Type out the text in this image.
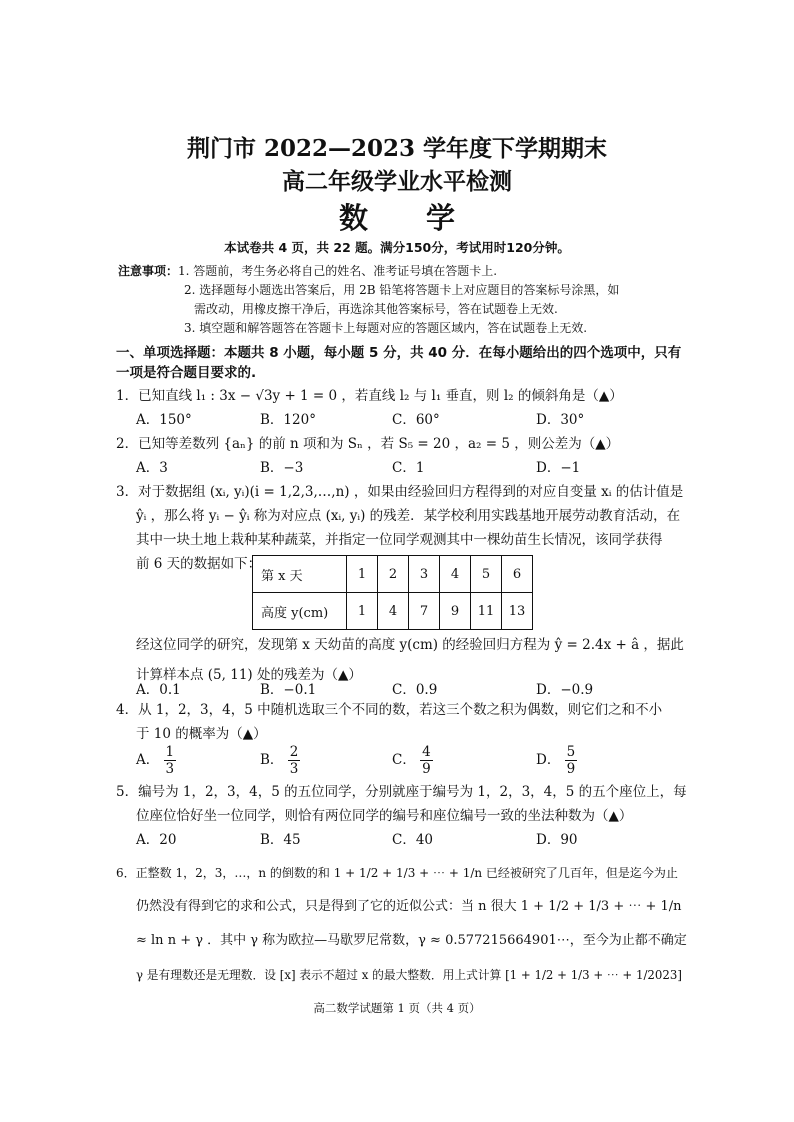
荆门市 2022—2023 学年度下学期期末
高二年级学业水平检测
数 学
本试卷共 4 页，共 22 题。满分150分，考试用时120分钟。
注意事项：1. 答题前，考生务必将自己的姓名、准考证号填在答题卡上.
2. 选择题每小题选出答案后，用 2B 铅笔将答题卡上对应题目的答案标号涂黑，如
需改动，用橡皮擦干净后，再选涂其他答案标号，答在试题卷上无效.
3. 填空题和解答题答在答题卡上每题对应的答题区域内，答在试题卷上无效.
一、单项选择题：本题共 8 小题，每小题 5 分，共 40 分．在每小题给出的四个选项中，只有
一项是符合题目要求的.
1．已知直线 l₁ : 3x − √3y + 1 = 0 ，若直线 l₂ 与 l₁ 垂直，则 l₂ 的倾斜角是（▲）
A．150°	B．120°	C．60°	D．30°
2．已知等差数列 {aₙ} 的前 n 项和为 Sₙ ，若 S₅ = 20 ，a₂ = 5 ，则公差为（▲）
A．3	B．−3	C．1	D．−1
3．对于数据组 (xᵢ, yᵢ)(i = 1,2,3,…,n) ，如果由经验回归方程得到的对应自变量 xᵢ 的估计值是
ŷᵢ ，那么将 yᵢ − ŷᵢ 称为对应点 (xᵢ, yᵢ) 的残差．某学校利用实践基地开展劳动教育活动，在
其中一块土地上栽种某种蔬菜，并指定一位同学观测其中一棵幼苗生长情况，该同学获得
前 6 天的数据如下：
第 x 天	1	2	3	4	5	6
高度 y(cm)	1	4	7	9	11	13
经这位同学的研究，发现第 x 天幼苗的高度 y(cm) 的经验回归方程为 ŷ = 2.4x + â ，据此
计算样本点 (5, 11) 处的残差为（▲）
A．0.1	B．−0.1	C．0.9	D．−0.9
4．从 1，2，3，4，5 中随机选取三个不同的数，若这三个数之积为偶数，则它们之和不小
于 10 的概率为（▲）
A． $\frac{1}{3}$	B． $\frac{2}{3}$	C． $\frac{4}{9}$	D． $\frac{5}{9}$
5．编号为 1，2，3，4，5 的五位同学，分别就座于编号为 1，2，3，4，5 的五个座位上，每
位座位恰好坐一位同学，则恰有两位同学的编号和座位编号一致的坐法种数为（▲）
A．20	B．45	C．40	D．90
6．正整数 1，2，3，…，n 的倒数的和 1 + 1/2 + 1/3 + ⋯ + 1/n 已经被研究了几百年，但是迄今为止
仍然没有得到它的求和公式，只是得到了它的近似公式：当 n 很大 1 + 1/2 + 1/3 + ⋯ + 1/n
≈ ln n + γ ．其中 γ 称为欧拉—马歇罗尼常数，γ ≈ 0.577215664901⋯，至今为止都不确定
γ 是有理数还是无理数．设 [x] 表示不超过 x 的最大整数．用上式计算 [1 + 1/2 + 1/3 + ⋯ + 1/2023]
高二数学试题第 1 页（共 4 页）
